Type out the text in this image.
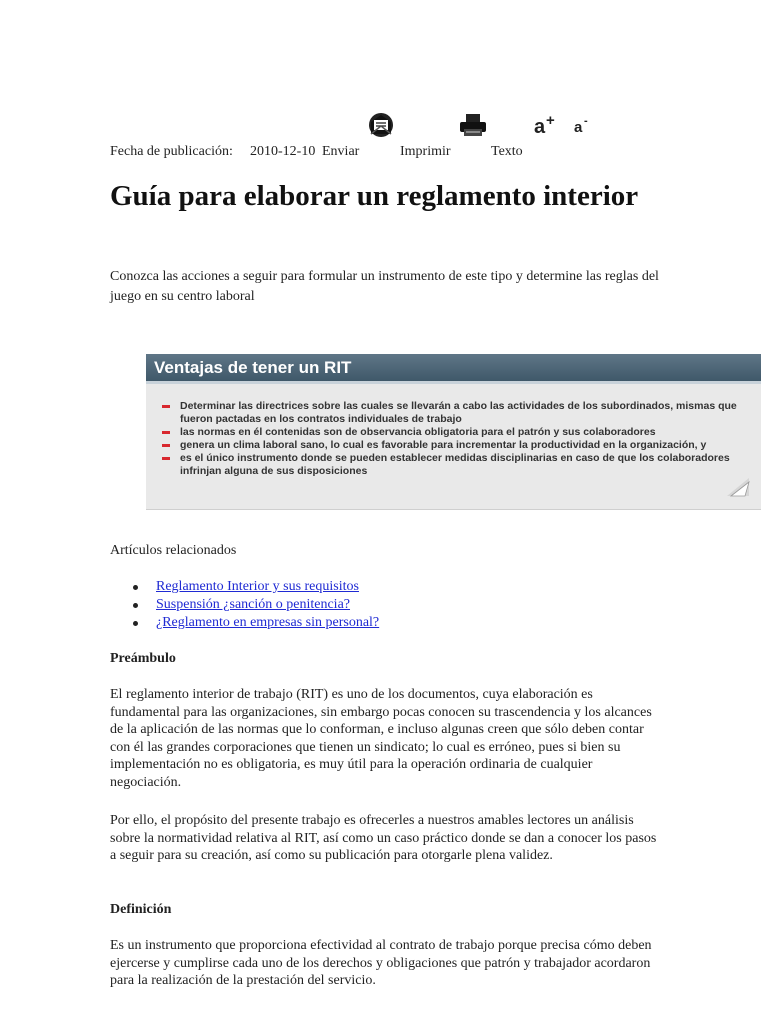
a + a -
Fecha de publicación: 2010-12-10 Enviar	Imprimir	Texto
Guía para elaborar un reglamento interior

Conozca las acciones a seguir para formular un instrumento de este tipo y determine las reglas del juego en su centro laboral

Ventajas de tener un RIT
Determinar las directrices sobre las cuales se llevarán a cabo las actividades de los subordinados, mismas que fueron pactadas en los contratos individuales de trabajo
las normas en él contenidas son de observancia obligatoria para el patrón y sus colaboradores
genera un clima laboral sano, lo cual es favorable para incrementar la productividad en la organización, y
es el único instrumento donde se pueden establecer medidas disciplinarias en caso de que los colaboradores infrinjan alguna de sus disposiciones

Artículos relacionados

Reglamento Interior y sus requisitos
Suspensión ¿sanción o penitencia?
¿Reglamento en empresas sin personal?

Preámbulo

El reglamento interior de trabajo (RIT) es uno de los documentos, cuya elaboración es fundamental para las organizaciones, sin embargo pocas conocen su trascendencia y los alcances de la aplicación de las normas que lo conforman, e incluso algunas creen que sólo deben contar con él las grandes corporaciones que tienen un sindicato; lo cual es erróneo, pues si bien su implementación no es obligatoria, es muy útil para la operación ordinaria de cualquier negociación.

Por ello, el propósito del presente trabajo es ofrecerles a nuestros amables lectores un análisis sobre la normatividad relativa al RIT, así como un caso práctico donde se dan a conocer los pasos a seguir para su creación, así como su publicación para otorgarle plena validez.

Definición

Es un instrumento que proporciona efectividad al contrato de trabajo porque precisa cómo deben ejercerse y cumplirse cada uno de los derechos y obligaciones que patrón y trabajador acordaron para la realización de la prestación del servicio.
